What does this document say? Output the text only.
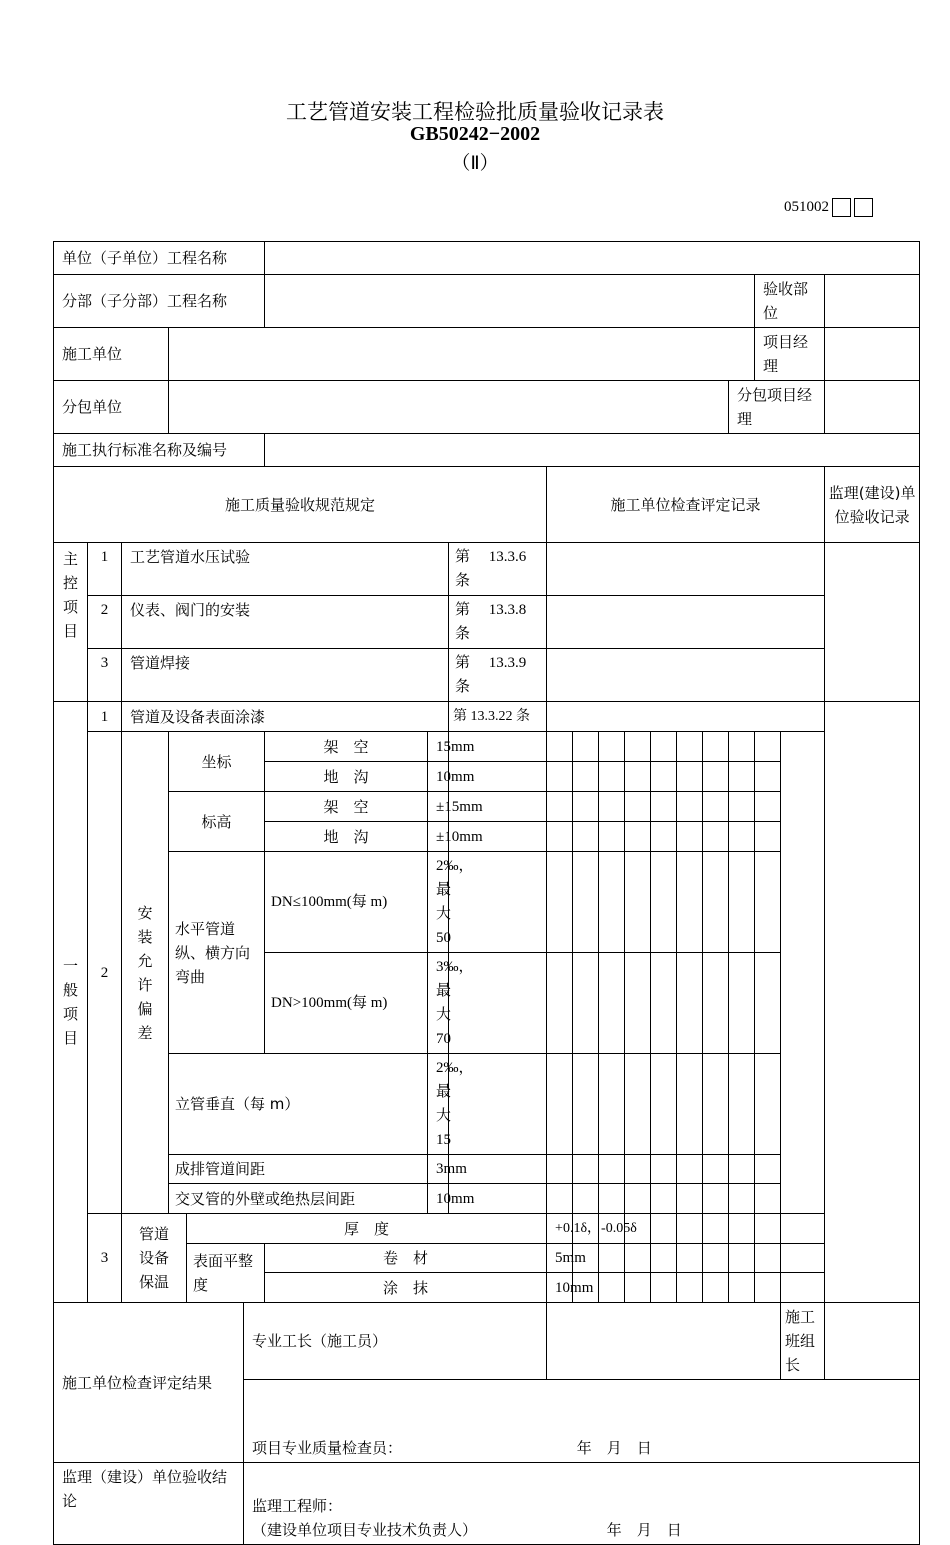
工艺管道安装工程检验批质量验收记录表
GB50242−2002
（Ⅱ）
051002
单位（子单位）工程名称																				
分部（子分部）工程名称																	验收部位			
施工单位																	项目经理			
分包单位																分包项目经理				
施工执行标准名称及编号																				
施工质量验收规范规定									施工单位检查评定记录										监理(建设)单位验收记录	
主控项目	1	工艺管道水压试验						第　 13.3.6 条												
	2	仪表、阀门的安装						第　 13.3.8 条												
	3	管道焊接						第　 13.3.9 条												
一般项目	1	管道及设备表面涂漆						第 13.3.22 条												
	2	安装允许偏差	坐标			架　空	15mm													
						地　沟	10mm													
			标高			架　空	±15mm													
						地　沟	±10mm													
			水平管道纵、横方向弯曲			DN≤100mm(每 m)	2‰，最大 50													
						DN>100mm(每 m)	3‰，最大 70													
			立管垂直（每 m）				2‰，最大 15													
			成排管道间距				3mm													
			交叉管的外壁或绝热层间距				10mm													
	3	管道设备保温		厚　度					+0.1δ，-0.05δ											
				表面平整度		卷　材			5mm											
						涂　抹			10mm											
施工单位检查评定结果					专业工长（施工员）													施工班组长		
					项目专业质量检查员： 年　月　日															
监理（建设）单位验收结论					监理工程师：
（建设单位项目专业技术负责人） 年　月　日															
